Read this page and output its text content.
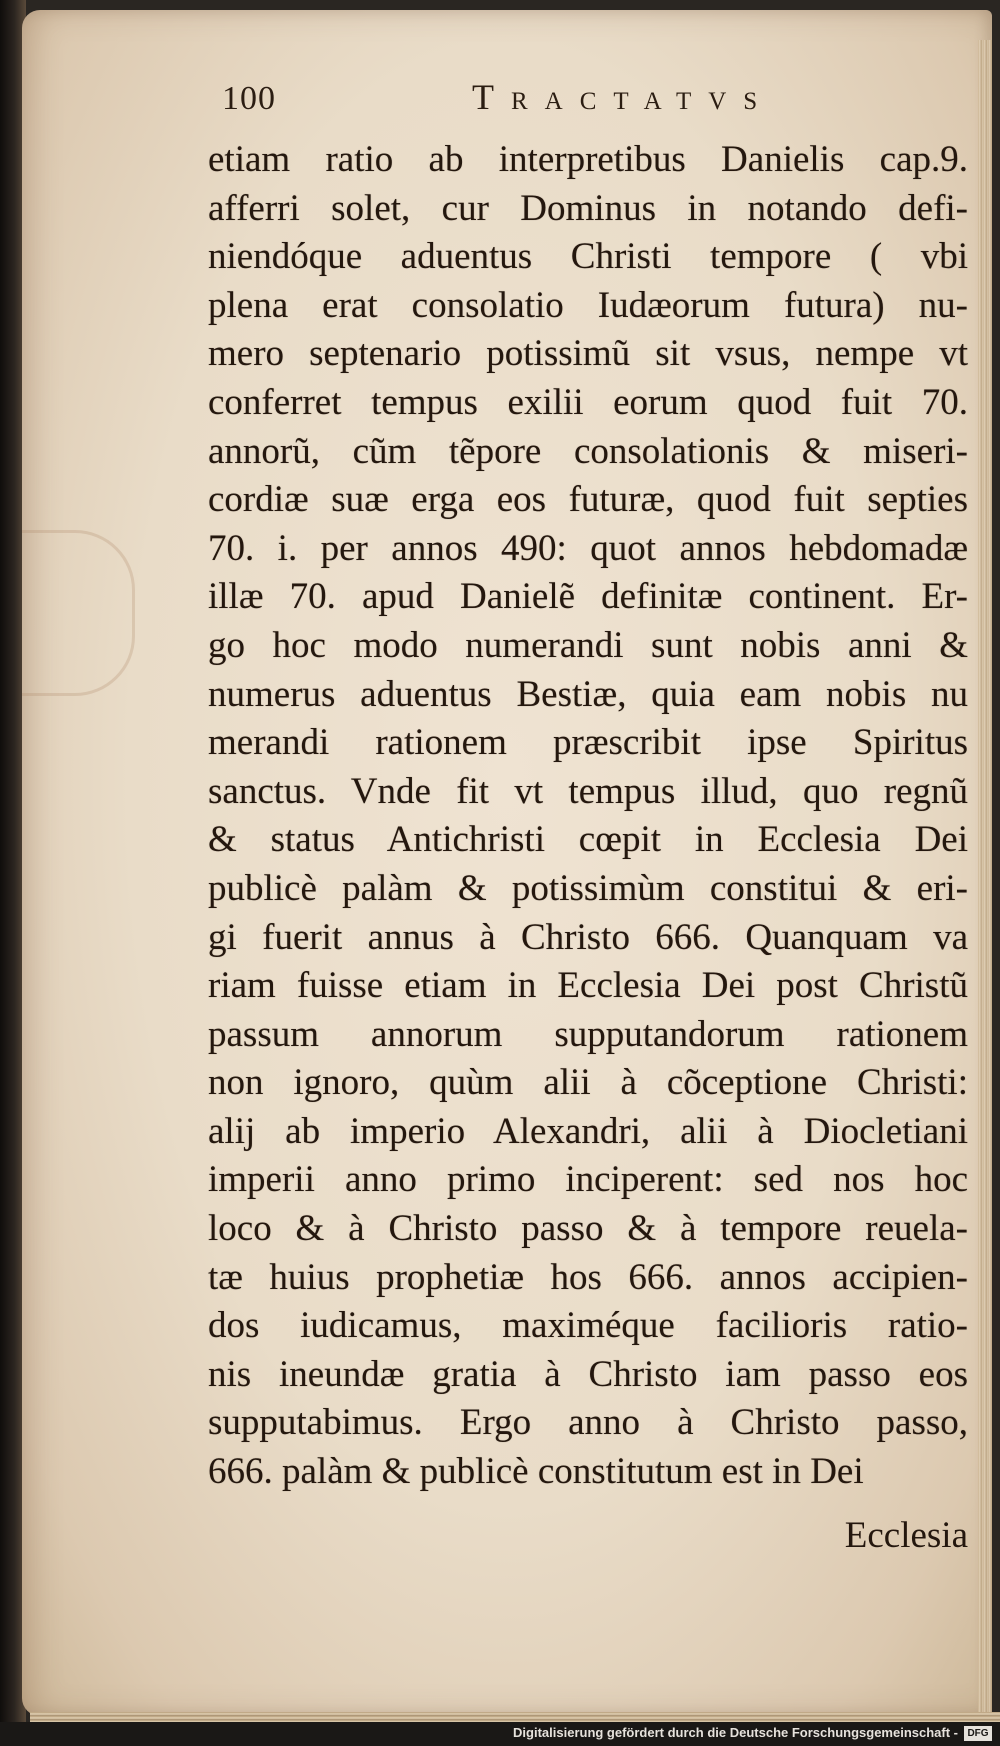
100	Tractatvs
etiam ratio ab interpretibus Danielis cap.9.
afferri solet, cur Dominus in notando defi-
niendóque aduentus Christi tempore ( vbi
plena erat consolatio Iudæorum futura) nu-
mero septenario potissimũ sit vsus, nempe vt
conferret tempus exilii eorum quod fuit 70.
annorũ, cũm tẽpore consolationis & miseri-
cordiæ suæ erga eos futuræ, quod fuit septies
70. i. per annos 490: quot annos hebdomadæ
illæ 70. apud Danielẽ definitæ continent. Er-
go hoc modo numerandi sunt nobis anni &
numerus aduentus Bestiæ, quia eam nobis nu
merandi rationem præscribit ipse Spiritus
sanctus. Vnde fit vt tempus illud, quo regnũ
& status Antichristi cœpit in Ecclesia Dei
publicè palàm & potissimùm constitui & eri-
gi fuerit annus à Christo 666. Quanquam va
riam fuisse etiam in Ecclesia Dei post Christũ
passum annorum supputandorum rationem
non ignoro, quùm alii à cõceptione Christi:
alij ab imperio Alexandri, alii à Diocletiani
imperii anno primo inciperent: sed nos hoc
loco & à Christo passo & à tempore reuela-
tæ huius prophetiæ hos 666. annos accipien-
dos iudicamus, maximéque facilioris ratio-
nis ineundæ gratia à Christo iam passo eos
supputabimus. Ergo anno à Christo passo,
666. palàm & publicè constitutum est in Dei
Ecclesia
Digitalisierung gefördert durch die Deutsche Forschungsgemeinschaft - DFG
